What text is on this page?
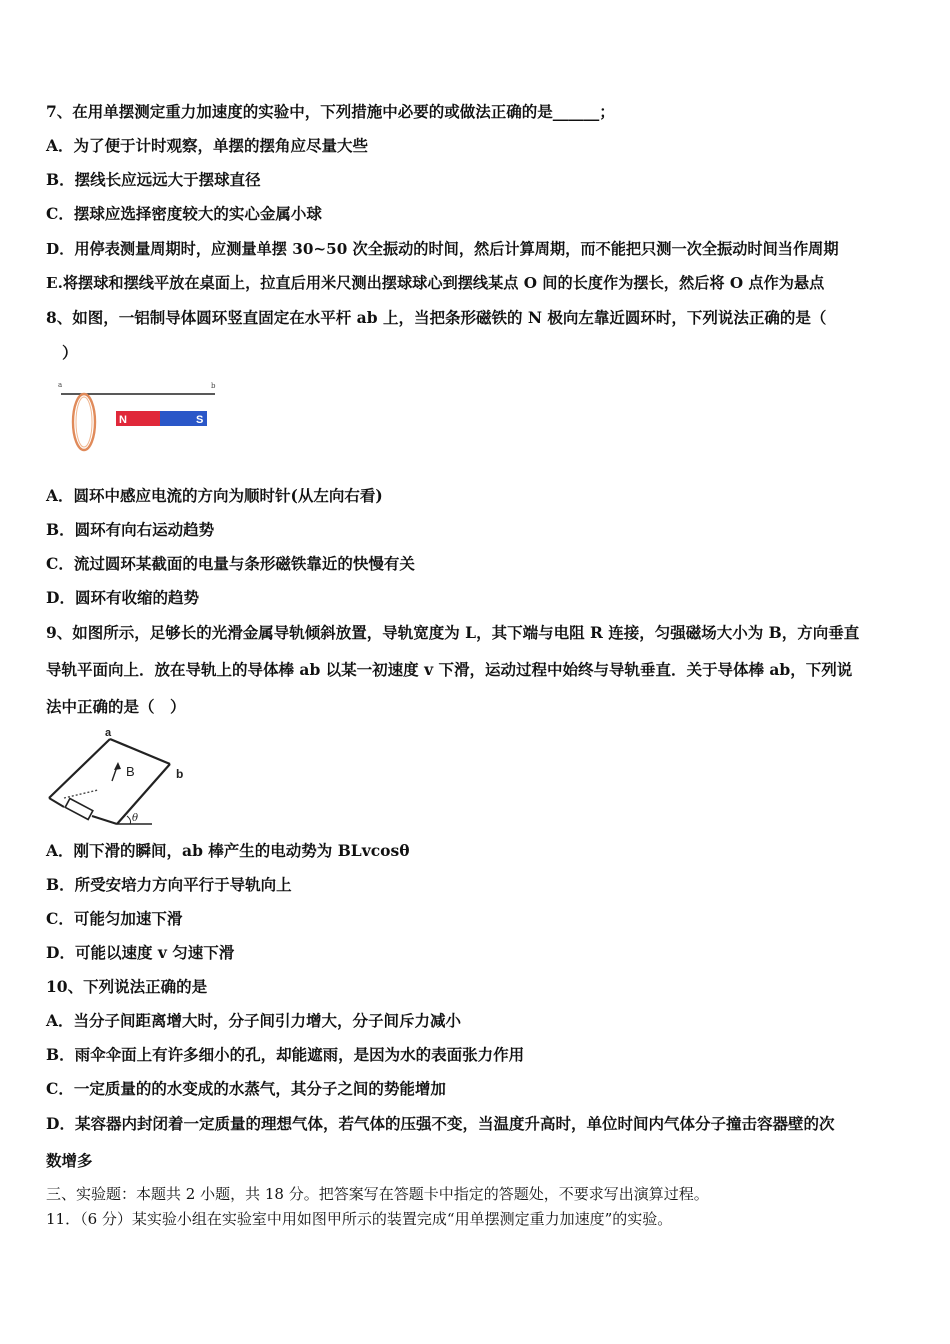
7、在用单摆测定重力加速度的实验中，下列措施中必要的或做法正确的是______；
A．为了便于计时观察，单摆的摆角应尽量大些
B．摆线长应远远大于摆球直径
C．摆球应选择密度较大的实心金属小球
D．用停表测量周期时，应测量单摆 30~50 次全振动的时间，然后计算周期，而不能把只测一次全振动时间当作周期
E.将摆球和摆线平放在桌面上，拉直后用米尺测出摆球球心到摆线某点 O 间的长度作为摆长，然后将 O 点作为悬点
8、如图，一铝制导体圆环竖直固定在水平杆 ab 上，当把条形磁铁的 N 极向左靠近圆环时，下列说法正确的是（
）
a	b
N	S
A．圆环中感应电流的方向为顺时针(从左向右看)
B．圆环有向右运动趋势
C．流过圆环某截面的电量与条形磁铁靠近的快慢有关
D．圆环有收缩的趋势
9、如图所示，足够长的光滑金属导轨倾斜放置，导轨宽度为 L，其下端与电阻 R 连接，匀强磁场大小为 B，方向垂直
导轨平面向上．放在导轨上的导体棒 ab 以某一初速度 v 下滑，运动过程中始终与导轨垂直．关于导体棒 ab，下列说
法中正确的是（　）
a
b
B
θ
A．刚下滑的瞬间，ab 棒产生的电动势为 BLvcosθ
B．所受安培力方向平行于导轨向上
C．可能匀加速下滑
D．可能以速度 v 匀速下滑
10、下列说法正确的是
A．当分子间距离增大时，分子间引力增大，分子间斥力减小
B．雨伞伞面上有许多细小的孔，却能遮雨，是因为水的表面张力作用
C．一定质量的的水变成的水蒸气，其分子之间的势能增加
D．某容器内封闭着一定质量的理想气体，若气体的压强不变，当温度升高时，单位时间内气体分子撞击容器壁的次
数增多
三、实验题：本题共 2 小题，共 18 分。把答案写在答题卡中指定的答题处，不要求写出演算过程。
11．（6 分）某实验小组在实验室中用如图甲所示的装置完成“用单摆测定重力加速度”的实验。
